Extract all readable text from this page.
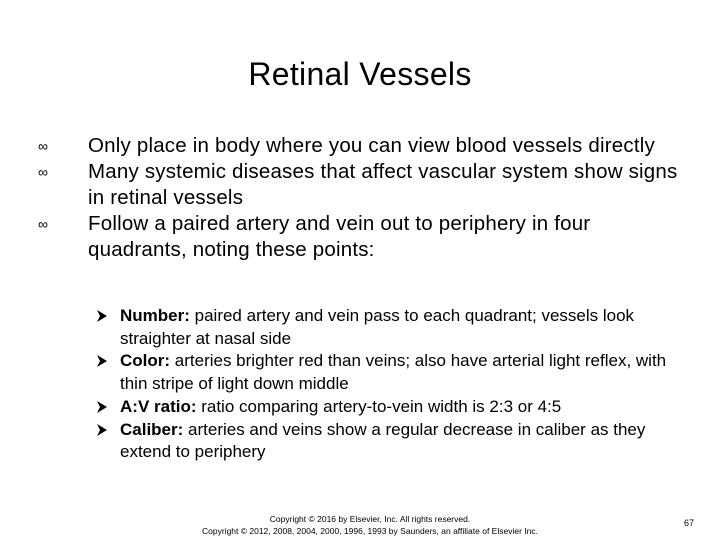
Retinal Vessels
∞ Only place in body where you can view blood vessels directly
∞ Many systemic diseases that affect vascular system show signs in retinal vessels
∞ Follow a paired artery and vein out to periphery in four quadrants, noting these points:
Number: paired artery and vein pass to each quadrant; vessels look straighter at nasal side
Color: arteries brighter red than veins; also have arterial light reflex, with thin stripe of light down middle
A:V ratio: ratio comparing artery-to-vein width is 2:3 or 4:5
Caliber: arteries and veins show a regular decrease in caliber as they extend to periphery
Copyright © 2016 by Elsevier, Inc. All rights reserved.
Copyright © 2012, 2008, 2004, 2000, 1996, 1993 by Saunders, an affiliate of Elsevier Inc.
67
